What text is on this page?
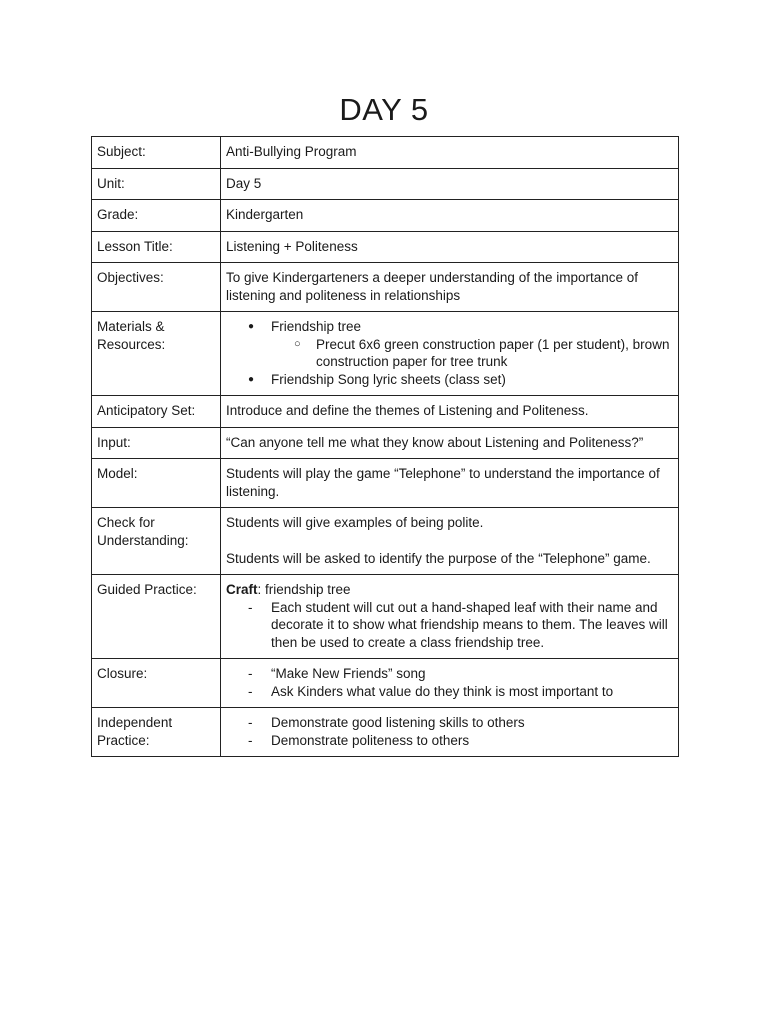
DAY 5
Subject:	Anti-Bullying Program
Unit:	Day 5
Grade:	Kindergarten
Lesson Title:	Listening + Politeness
Objectives:	To give Kindergarteners a deeper understanding of the importance of listening and politeness in relationships
Materials & Resources:	● Friendship tree
○ Precut 6x6 green construction paper (1 per student), brown construction paper for tree trunk
● Friendship Song lyric sheets (class set)

Anticipatory Set:	Introduce and define the themes of Listening and Politeness.
Input:	“Can anyone tell me what they know about Listening and Politeness?”
Model:	Students will play the game “Telephone” to understand the importance of listening.
Check for Understanding:	Students will give examples of being polite.
Students will be asked to identify the purpose of the “Telephone” game.

Guided Practice:	Craft: friendship tree
- Each student will cut out a hand-shaped leaf with their name and decorate it to show what friendship means to them. The leaves will then be used to create a class friendship tree.

Closure:	- “Make New Friends” song
- Ask Kinders what value do they think is most important to

Independent Practice:	- Demonstrate good listening skills to others
- Demonstrate politeness to others
